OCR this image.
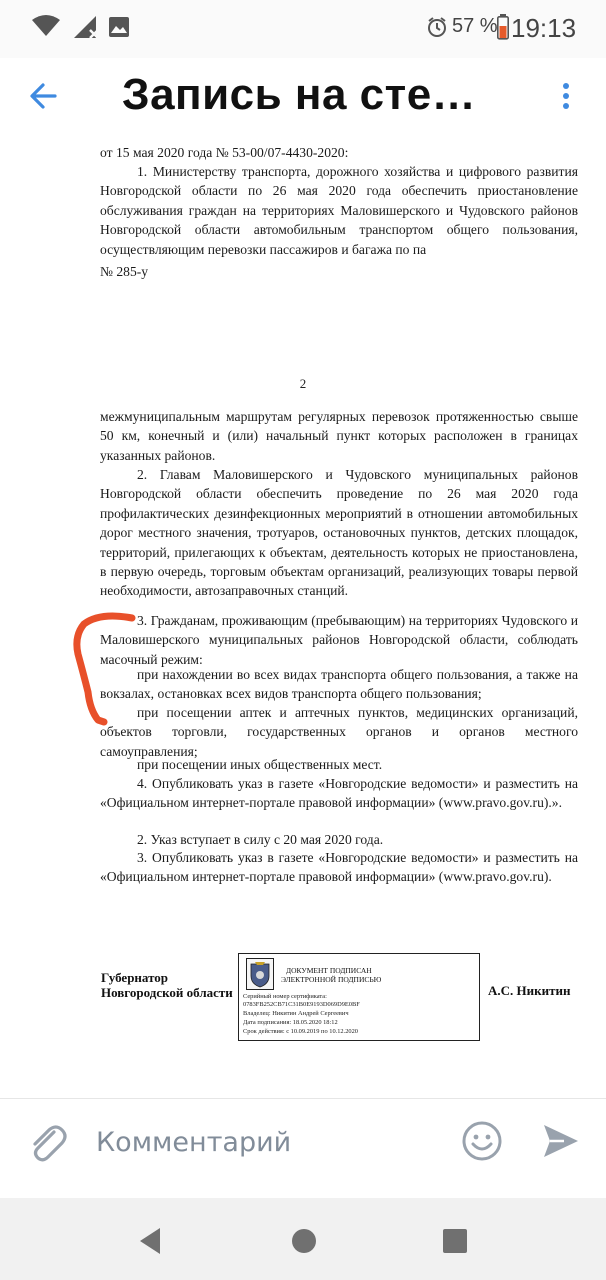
57 % 19:13
Запись на сте…
от 15 мая 2020 года № 53-00/07-4430-2020:
1. Министерству транспорта, дорожного хозяйства и цифрового развития Новгородской области по 26 мая 2020 года обеспечить приостановление обслуживания граждан на территориях Маловишерского и Чудовского районов Новгородской области автомобильным транспортом общего пользования, осуществляющим перевозки пассажиров и багажа по па
№ 285-у
2
межмуниципальным маршрутам регулярных перевозок протяженностью свыше 50 км, конечный и (или) начальный пункт которых расположен в границах указанных районов.
2. Главам Маловишерского и Чудовского муниципальных районов Новгородской области обеспечить проведение по 26 мая 2020 года профилактических дезинфекционных мероприятий в отношении автомобильных дорог местного значения, тротуаров, остановочных пунктов, детских площадок, территорий, прилегающих к объектам, деятельность которых не приостановлена, в первую очередь, торговым объектам организаций, реализующих товары первой необходимости, автозаправочных станций.
3. Гражданам, проживающим (пребывающим) на территориях Чудовского и Маловишерского муниципальных районов Новгородской области, соблюдать масочный режим:
при нахождении во всех видах транспорта общего пользования, а также на вокзалах, остановках всех видов транспорта общего пользования;
при посещении аптек и аптечных пунктов, медицинских организаций, объектов торговли, государственных органов и органов местного самоуправления;
при посещении иных общественных мест.
4. Опубликовать указ в газете «Новгородские ведомости» и разместить на «Официальном интернет-портале правовой информации» (www.pravo.gov.ru).».
2. Указ вступает в силу с 20 мая 2020 года.
3. Опубликовать указ в газете «Новгородские ведомости» и разместить на «Официальном интернет-портале правовой информации» (www.pravo.gov.ru).
Губернатор
Новгородской области
ДОКУМЕНТ ПОДПИСАН
ЭЛЕКТРОННОЙ ПОДПИСЬЮ
Серийный номер сертификата:
0783FB252CB71C31B0E9193D069D9E0BF
Владелец: Никитин Андрей Сергеевич
Дата подписания: 18.05.2020 18:12
Срок действия: с 10.09.2019 по 10.12.2020
А.С. Никитин
Комментарий
